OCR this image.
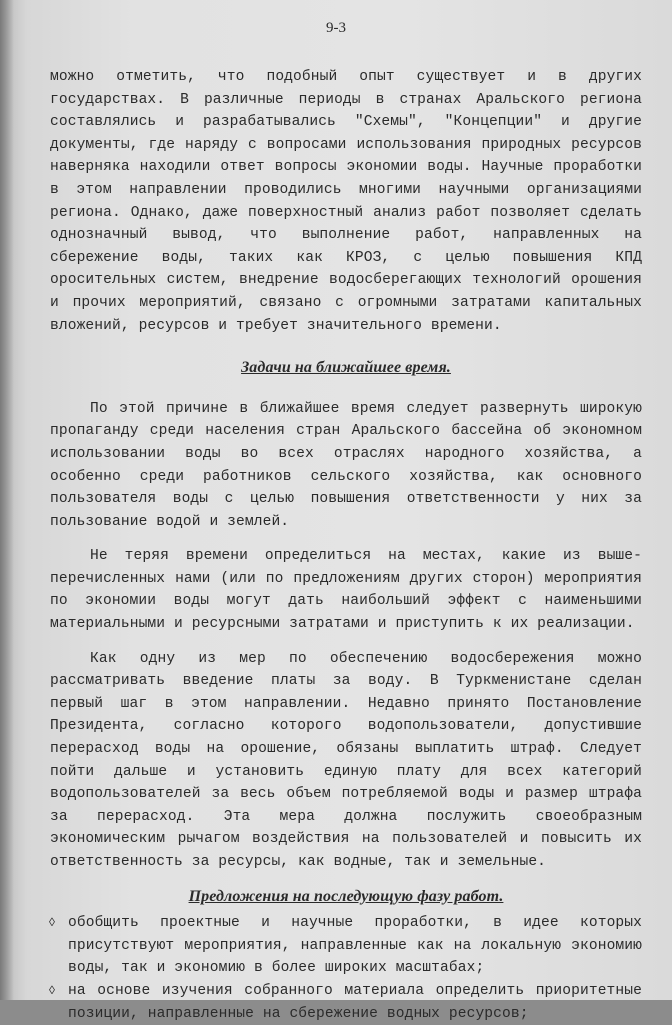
9-3

можно отметить, что подобный опыт существует и в других государствах. В различные периоды в странах Аральского региона составлялись и разрабатывались "Схемы", "Концепции" и другие документы, где наряду с вопросами использования природных ресурсов наверняка находили ответ вопросы экономии воды. Научные проработки в этом направлении проводились многими научными организациями региона. Однако, даже поверхностный анализ работ позволяет сделать однозначный вывод, что выполнение работ, направленных на сбережение воды, таких как КРОЗ, с целью повышения КПД оросительных систем, внедрение водосберегающих технологий орошения и прочих мероприятий, связано с огромными затратами капитальных вложений, ресурсов и требует значительного времени.

Задачи на ближайшее время.

По этой причине в ближайшее время следует развернуть широкую пропаганду среди населения стран Аральского бассейна об экономном использовании воды во всех отраслях народного хозяйства, а особенно среди работников сельского хозяйства, как основного пользователя воды с целью повышения ответственности у них за пользование водой и землей.

Не теряя времени определиться на местах, какие из выше-перечисленных нами (или по предложениям других сторон) мероприятия по экономии воды могут дать наибольший эффект с наименьшими материальными и ресурсными затратами и приступить к их реализации.

Как одну из мер по обеспечению водосбережения можно рассматривать введение платы за воду. В Туркменистане сделан первый шаг в этом направлении. Недавно принято Постановление Президента, согласно которого водопользователи, допустившие перерасход воды на орошение, обязаны выплатить штраф. Следует пойти дальше и установить единую плату для всех категорий водопользователей за весь объем потребляемой воды и размер штрафа за перерасход. Эта мера должна послужить своеобразным экономическим рычагом воздействия на пользователей и повысить их ответственность за ресурсы, как водные, так и земельные.

Предложения на последующую фазу работ.
◊ обобщить проектные и научные проработки, в идее которых присутствуют мероприятия, направленные как на локальную экономию воды, так и экономию в более широких масштабах;
◊ на основе изучения собранного материала определить приоритетные позиции, направленные на сбережение водных ресурсов;
